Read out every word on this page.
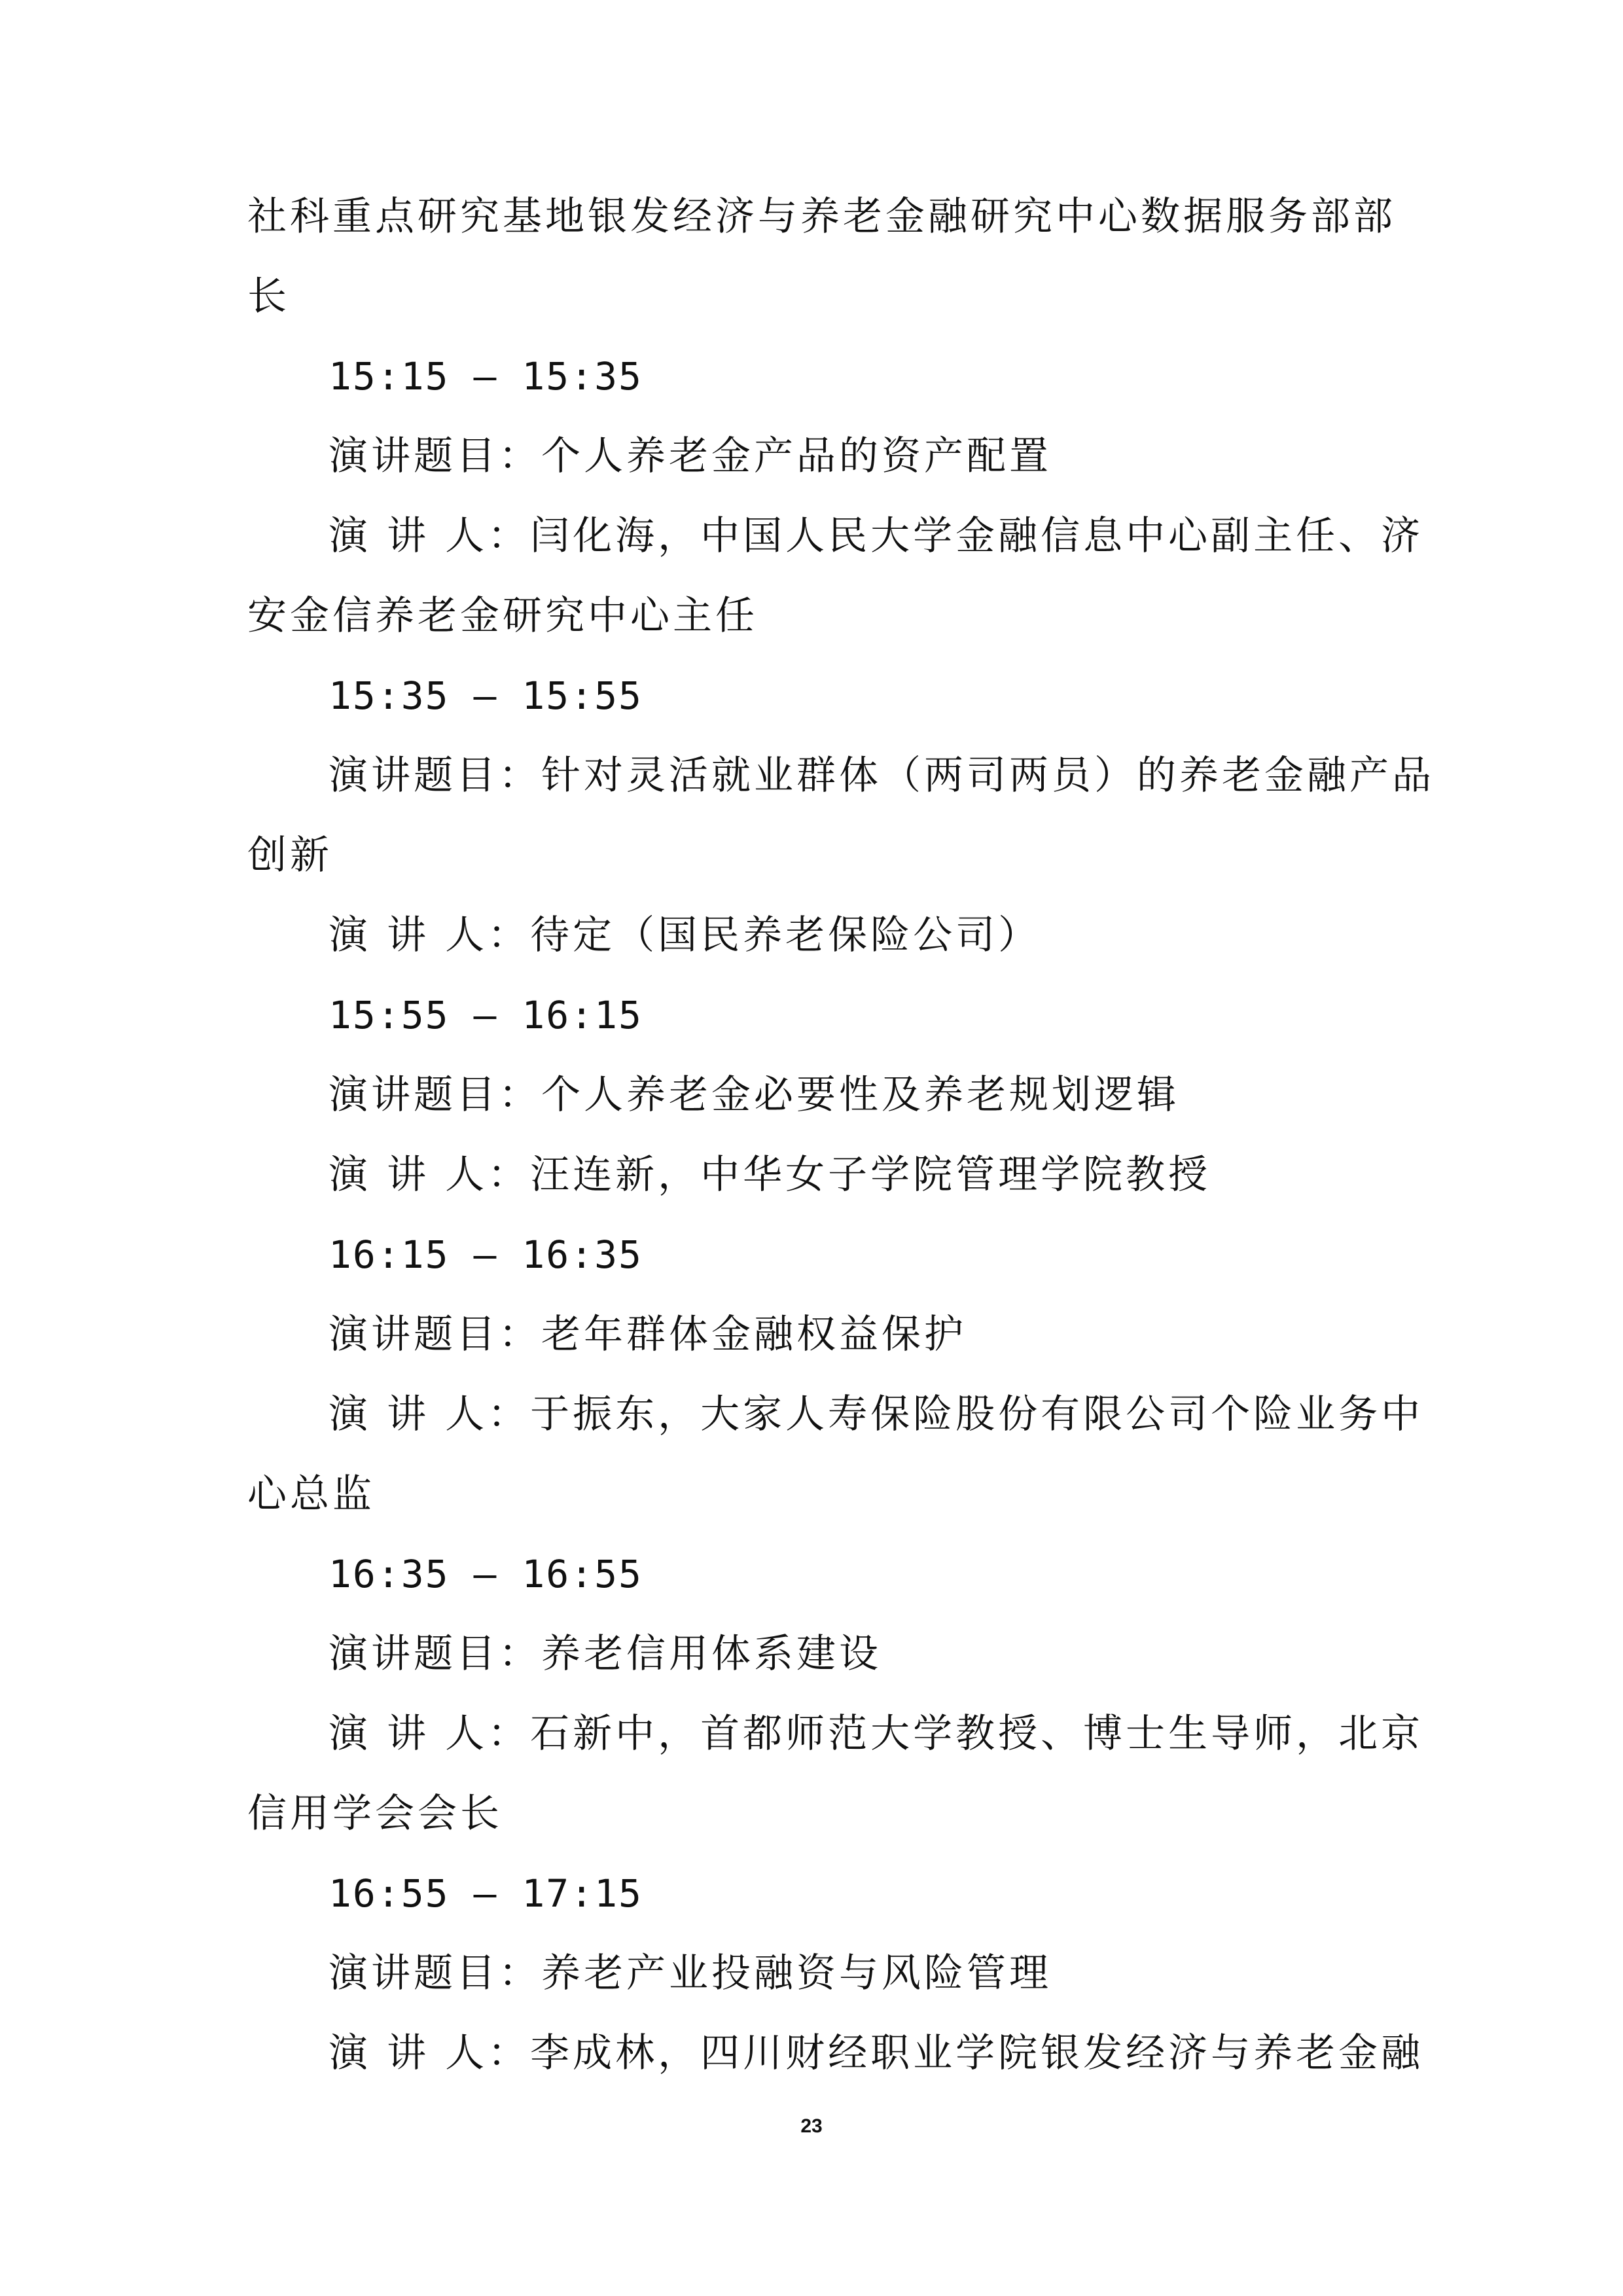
社科重点研究基地银发经济与养老金融研究中心数据服务部部
长
15:15 – 15:35
演讲题目：个人养老金产品的资产配置
演 讲 人：闫化海，中国人民大学金融信息中心副主任、济
安金信养老金研究中心主任
15:35 – 15:55
演讲题目：针对灵活就业群体（两司两员）的养老金融产品
创新
演 讲 人：待定（国民养老保险公司）
15:55 – 16:15
演讲题目：个人养老金必要性及养老规划逻辑
演 讲 人：汪连新，中华女子学院管理学院教授
16:15 – 16:35
演讲题目：老年群体金融权益保护
演 讲 人：于振东，大家人寿保险股份有限公司个险业务中
心总监
16:35 – 16:55
演讲题目：养老信用体系建设
演 讲 人：石新中，首都师范大学教授、博士生导师，北京
信用学会会长
16:55 – 17:15
演讲题目：养老产业投融资与风险管理
演 讲 人：李成林，四川财经职业学院银发经济与养老金融
23
